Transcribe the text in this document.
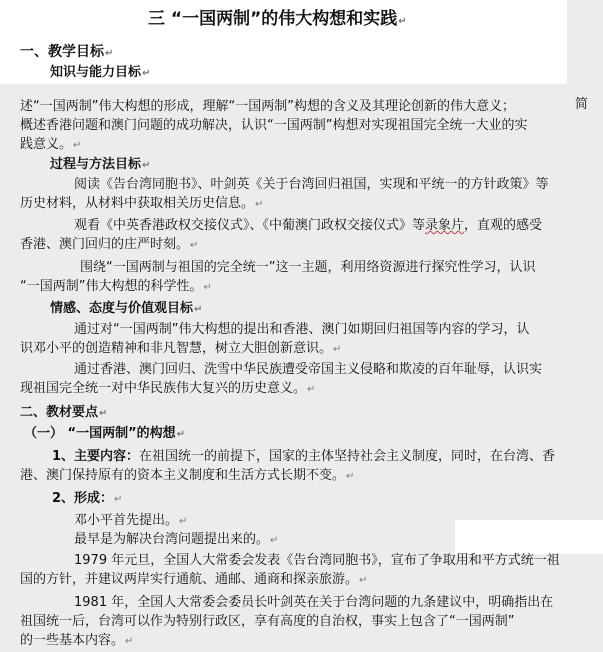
三 “一国两制”的伟大构想和实践↵
一、教学目标↵
知识与能力目标↵
简
述“一国两制”伟大构想的形成，理解“一国两制”构想的含义及其理论创新的伟大意义；
概述香港问题和澳门问题的成功解决，认识“一国两制”构想对实现祖国完全统一大业的实
践意义。↵
过程与方法目标↵
阅读《告台湾同胞书》、叶剑英《关于台湾回归祖国，实现和平统一的方针政策》等
历史材料，从材料中获取相关历史信息。↵
观看《中英香港政权交接仪式》、《中葡澳门政权交接仪式》等录象片，直观的感受
香港、澳门回归的庄严时刻。↵
围绕“一国两制与祖国的完全统一”这一主题，利用络资源进行探究性学习，认识
“一国两制”伟大构想的科学性。↵
情感、态度与价值观目标↵
通过对“一国两制”伟大构想的提出和香港、澳门如期回归祖国等内容的学习，认
识邓小平的创造精神和非凡智慧，树立大胆创新意识。↵
通过香港、澳门回归、洗雪中华民族遭受帝国主义侵略和欺凌的百年耻辱，认识实
现祖国完全统一对中华民族伟大复兴的历史意义。↵
二、教材要点↵
（一） “一国两制”的构想↵
1、主要内容：在祖国统一的前提下，国家的主体坚持社会主义制度，同时，在台湾、香
港、澳门保持原有的资本主义制度和生活方式长期不变。↵
2、形成：↵
邓小平首先提出。↵
最早是为解决台湾问题提出来的。↵
1979 年元旦，全国人大常委会发表《告台湾同胞书》，宣布了争取用和平方式统一祖
国的方针，并建议两岸实行通航、通邮、通商和探亲旅游。↵
1981 年，全国人大常委会委员长叶剑英在关于台湾问题的九条建议中，明确指出在
祖国统一后，台湾可以作为特别行政区，享有高度的自治权，事实上包含了“一国两制”
的一些基本内容。↵
